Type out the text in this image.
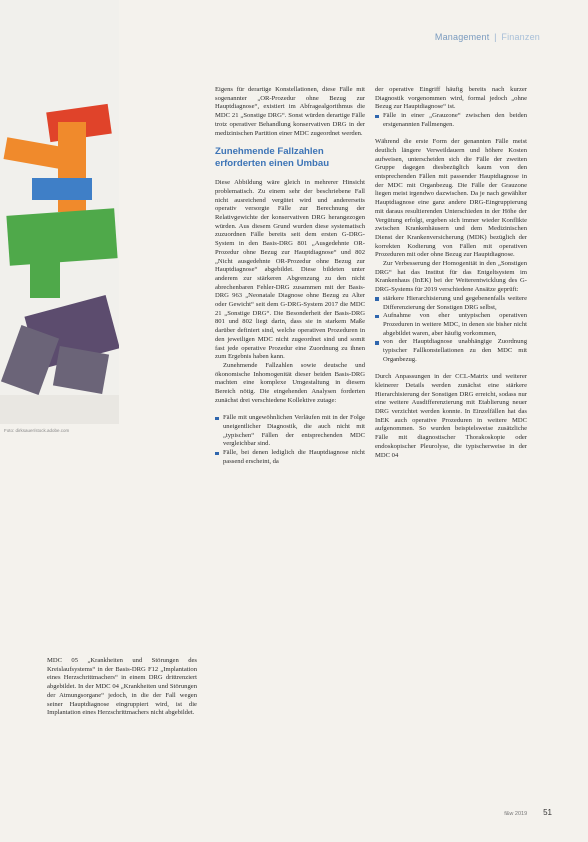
Management | Finanzen
Foto: dirksauer/stock.adobe.com

MDC 05 „Krankheiten und Störungen des Kreislaufsystems“ in der Basis-DRG F12 „Implantation eines Herzschrittmachers“ in einem DRG drittrenziert abgebildet. In der MDC 04 „Krankheiten und Störungen der Atmungsorgane“ jedoch, in die der Fall wegen seiner Hauptdiagnose eingruppiert wird, ist die Implantation eines Herzschrittmachers nicht abgebildet.

Eigens für derartige Konstellationen, diese Fälle mit sogenannter „OR-Prozedur ohne Bezug zur Hauptdiagnose“, existiert im Abfragealgorithmus die MDC 21 „Sonstige DRG“. Sonst würden derartige Fälle trotz operativer Behandlung konservativen DRG in der medizinischen Partition einer MDC zugeordnet werden.

Zunehmende Fallzahlen erforderten einen Umbau

Diese Abbildung wäre gleich in mehrerer Hinsicht problematisch. Zu einem sehr der beschriebene Fall nicht ausreichend vergütet wird und andererseits operativ versorgte Fälle zur Berechnung der Relativgewichte der konservativen DRG herangezogen würden. Aus diesem Grund wurden diese systematisch zuzuordnen Fälle bereits seit dem ersten G-DRG-System in den Basis-DRG 801 „Ausgedehnte OR-Prozedur ohne Bezug zur Hauptdiagnose“ und 802 „Nicht ausgedehnte OR-Prozedur ohne Bezug zur Hauptdiagnose“ abgebildet. Diese bildeten unter anderem zur stärkeren Abgrenzung zu den nicht abrechenbaren Fehler-DRG zusammen mit der Basis-DRG 963 „Neonatale Diagnose ohne Bezug zu Alter oder Gewicht“ seit dem G-DRG-System 2017 die MDC 21 „Sonstige DRG“. Die Besonderheit der Basis-DRG 801 und 802 liegt darin, dass sie in starkem Maße darüber definiert sind, welche operativen Prozeduren in den jeweiligen MDC nicht zugeordnet sind und somit fast jede operative Prozedur eine Zuordnung zu ihnen zum Ergebnis haben kann.

Zunehmende Fallzahlen sowie deutsche und ökonomische Inhomogenität dieser beiden Basis-DRG machten eine komplexe Umgestaltung in diesem Bereich nötig. Die eingehenden Analysen forderten zunächst drei verschiedene Kollektive zutage:

Fälle mit ungewöhnlichen Verläufen mit in der Folge uneigentlicher Diagnostik, die auch nicht mit „typischen“ Fällen der entsprechenden MDC vergleichbar sind.

Fälle, bei denen lediglich die Hauptdiagnose nicht passend erscheint, da

der operative Eingriff häufig bereits nach kurzer Diagnostik vorgenommen wird, formal jedoch „ohne Bezug zur Hauptdiagnose“ ist.

Fälle in einer „Grauzone“ zwischen den beiden erstgenannten Fallmengen.

Während die erste Form der genannten Fälle meist deutlich längere Verweildauern und höhere Kosten aufweisen, unterscheiden sich die Fälle der zweiten Gruppe dagegen diesbezüglich kaum von den entsprechenden Fällen mit passender Hauptdiagnose in der MDC mit Organbezug. Die Fälle der Grauzone liegen meist irgendwo dazwischen. Da je nach gewählter Hauptdiagnose eine ganz andere DRG-Eingruppierung mit daraus resultierenden Unterschieden in der Höhe der Vergütung erfolgt, ergeben sich immer wieder Konflikte zwischen Krankenhäusern und dem Medizinischen Dienst der Krankenversicherung (MDK) bezüglich der korrekten Kodierung von Fällen mit operativen Prozeduren mit oder ohne Bezug zur Hauptdiagnose.

Zur Verbesserung der Homogenität in den „Sonstigen DRG“ hat das Institut für das Entgeltsystem im Krankenhaus (InEK) bei der Weiterentwicklung des G-DRG-Systems für 2019 verschiedene Ansätze geprüft:

stärkere Hierarchisierung und gegebenenfalls weitere Differenzierung der Sonstigen DRG selbst,

Aufnahme von eher untypischen operativen Prozeduren in weitere MDC, in denen sie bisher nicht abgebildet waren, aber häufig vorkommen,

von der Hauptdiagnose unabhängige Zuordnung typischer Fallkonstellationen zu den MDC mit Organbezug.

Durch Anpassungen in der CCL-Matrix und weiterer kleinerer Details werden zunächst eine stärkere Hierarchisierung der Sonstigen DRG erreicht, sodass nur eine weitere Ausdifferenzierung mit Etablierung neuer DRG verzichtet werden konnte. In Einzelfällen hat das InEK auch operative Prozeduren in weitere MDC aufgenommen. So wurden beispielsweise zusätzliche Fälle mit diagnostischer Thorakoskopie oder endoskopischer Pleurolyse, die typischerweise in der MDC 04

f&w 2019 51
